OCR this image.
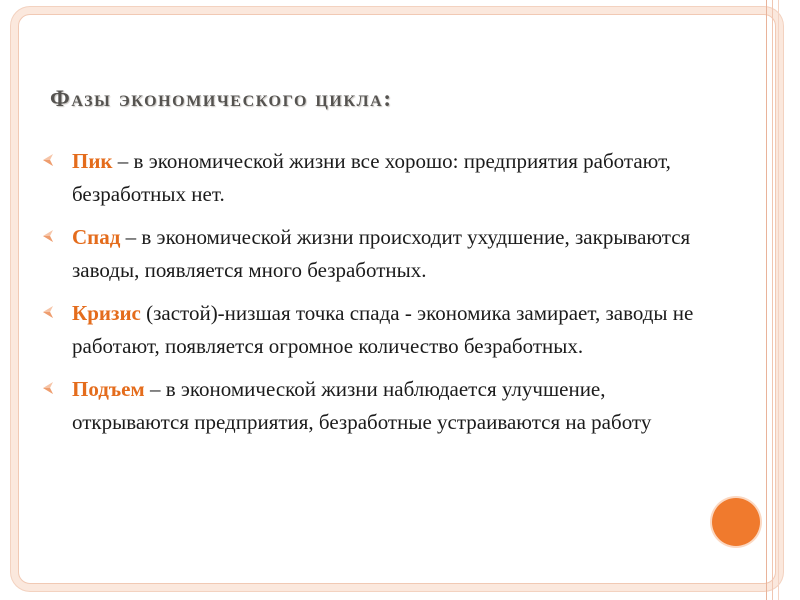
Фазы экономического цикла:
Пик – в экономической жизни все хорошо: предприятия работают, безработных нет.
Спад – в экономической жизни происходит ухудшение, закрываются заводы, появляется много безработных.
Кризис (застой)-низшая точка спада - экономика замирает, заводы не работают, появляется огромное количество безработных.
Подъем – в экономической жизни наблюдается улучшение, открываются предприятия, безработные устраиваются на работу
